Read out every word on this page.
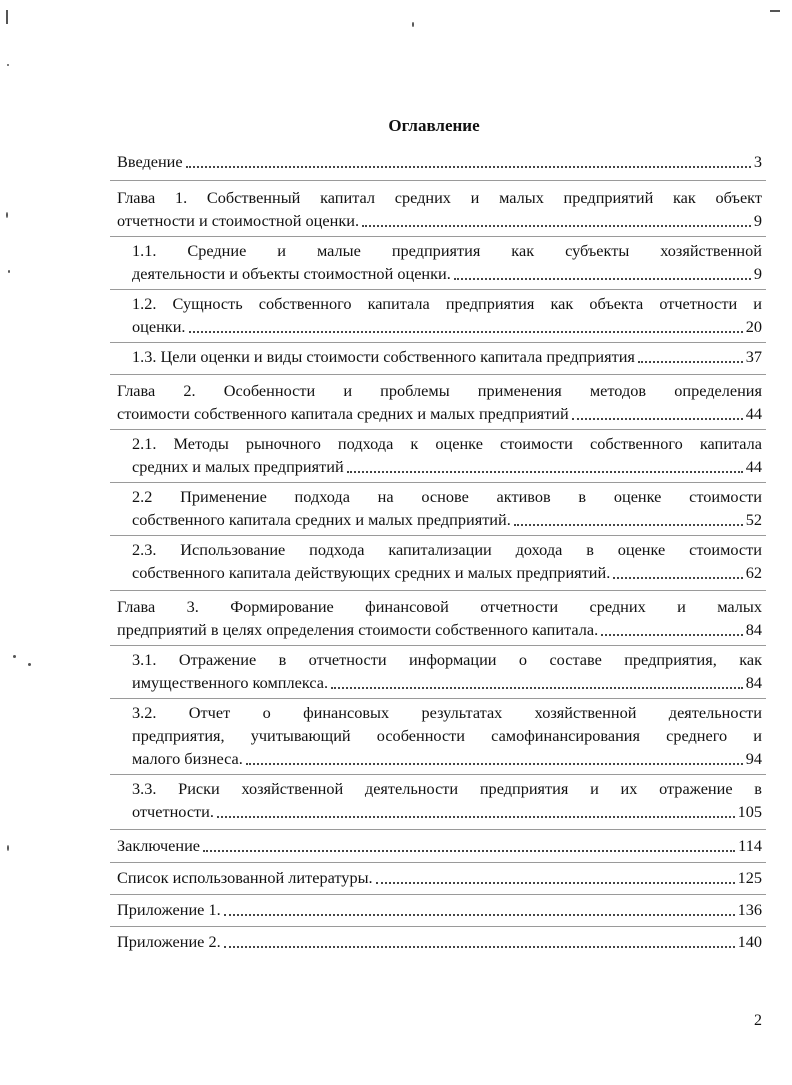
Оглавление
Введение	3
Глава 1. Собственный капитал средних и малых предприятий как объект
отчетности и стоимостной оценки.	9
1.1. Средние и малые предприятия как субъекты хозяйственной
деятельности и объекты стоимостной оценки.	9
1.2. Сущность собственного капитала предприятия как объекта отчетности и
оценки.	20
1.3. Цели оценки и виды стоимости собственного капитала предприятия	37
Глава 2. Особенности и проблемы применения методов определения
стоимости собственного капитала средних и малых предприятий	44
2.1. Методы рыночного подхода к оценке стоимости собственного капитала
средних и малых предприятий	44
2.2 Применение подхода на основе активов в оценке стоимости
собственного капитала средних и малых предприятий.	52
2.3. Использование подхода капитализации дохода в оценке стоимости
собственного капитала действующих средних и малых предприятий.	62
Глава 3. Формирование финансовой отчетности средних и малых
предприятий в целях определения стоимости собственного капитала.	84
3.1. Отражение в отчетности информации о составе предприятия, как
имущественного комплекса.	84
3.2. Отчет о финансовых результатах хозяйственной деятельности
предприятия, учитывающий особенности самофинансирования среднего и
малого бизнеса.	94
3.3. Риски хозяйственной деятельности предприятия и их отражение в
отчетности.	105
Заключение	114
Список использованной литературы.	125
Приложение 1.	136
Приложение 2.	140
2
